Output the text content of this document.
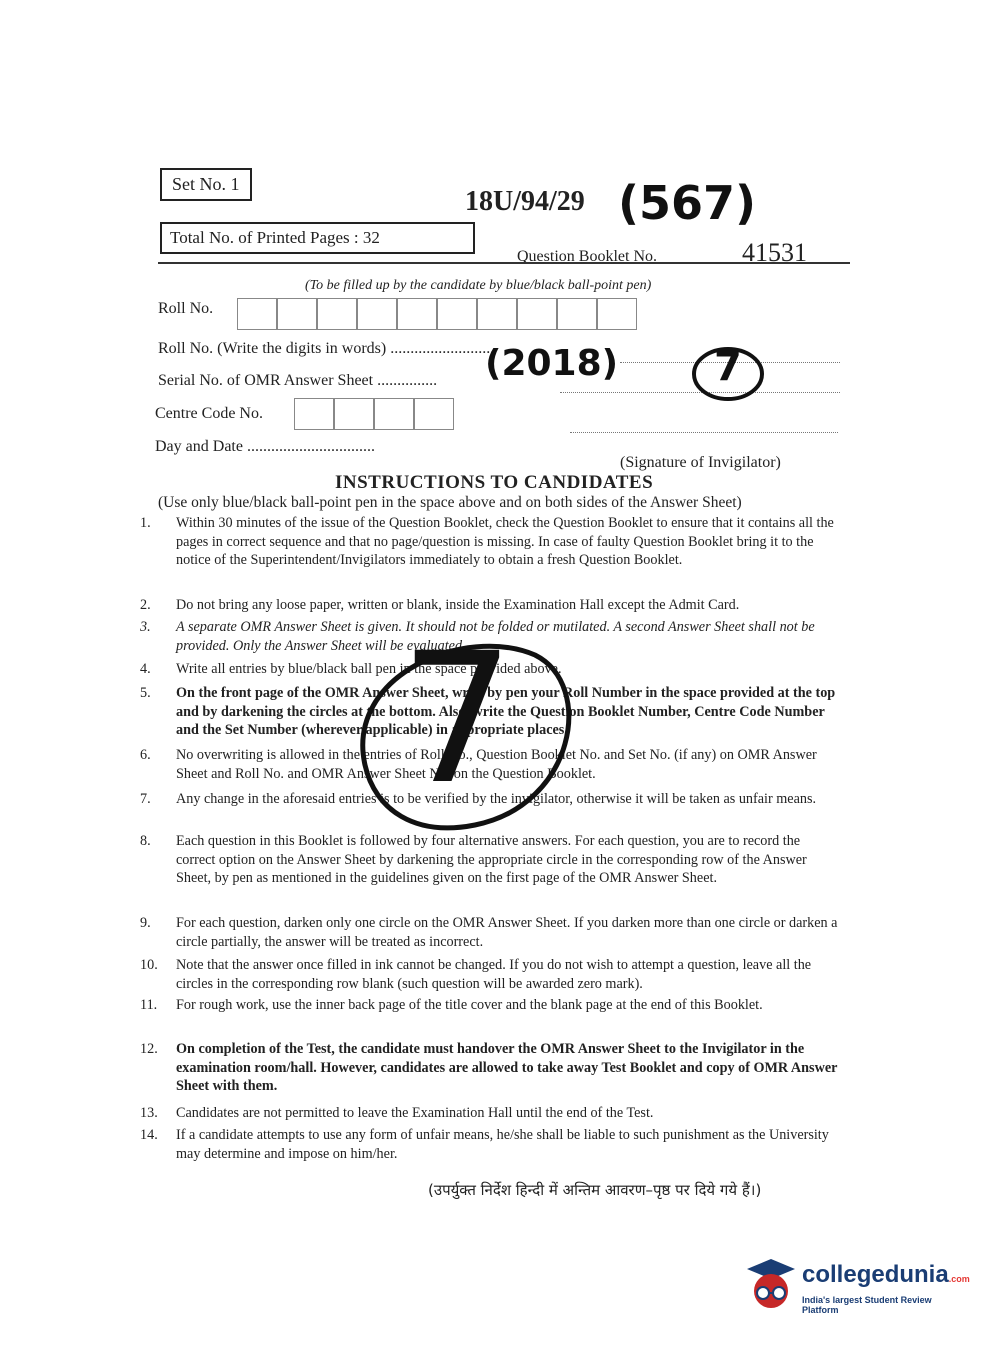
Set No. 1
Total No. of Printed Pages : 32
18U/94/29
Question Booklet No.	41531
(To be filled up by the candidate by blue/black ball-point pen)
Roll No.
Roll No. (Write the digits in words) ..........................
Serial No. of OMR Answer Sheet ...............
Centre Code No.
Day and Date ................................
(Signature of Invigilator)
(567)
(2018)	7
INSTRUCTIONS TO CANDIDATES
(Use only blue/black ball-point pen in the space above and on both sides of the Answer Sheet)
1.	Within 30 minutes of the issue of the Question Booklet, check the Question Booklet to ensure that it contains all the pages in correct sequence and that no page/question is missing. In case of faulty Question Booklet bring it to the notice of the Superintendent/Invigilators immediately to obtain a fresh Question Booklet.
2.	Do not bring any loose paper, written or blank, inside the Examination Hall except the Admit Card.
3.	A separate OMR Answer Sheet is given. It should not be folded or mutilated. A second Answer Sheet shall not be provided. Only the Answer Sheet will be evaluated.
4.	Write all entries by blue/black ball pen in the space provided above.
5.	On the front page of the OMR Answer Sheet, write by pen your Roll Number in the space provided at the top and by darkening the circles at the bottom. Also, write the Question Booklet Number, Centre Code Number and the Set Number (wherever applicable) in appropriate places.
6.	No overwriting is allowed in the entries of Roll No., Question Booklet No. and Set No. (if any) on OMR Answer Sheet and Roll No. and OMR Answer Sheet No. on the Question Booklet.
7.	Any change in the aforesaid entries is to be verified by the invigilator, otherwise it will be taken as unfair means.
8.	Each question in this Booklet is followed by four alternative answers. For each question, you are to record the correct option on the Answer Sheet by darkening the appropriate circle in the corresponding row of the Answer Sheet, by pen as mentioned in the guidelines given on the first page of the OMR Answer Sheet.
9.	For each question, darken only one circle on the OMR Answer Sheet. If you darken more than one circle or darken a circle partially, the answer will be treated as incorrect.
10.	Note that the answer once filled in ink cannot be changed. If you do not wish to attempt a question, leave all the circles in the corresponding row blank (such question will be awarded zero mark).
11.	For rough work, use the inner back page of the title cover and the blank page at the end of this Booklet.
12.	On completion of the Test, the candidate must handover the OMR Answer Sheet to the Invigilator in the examination room/hall. However, candidates are allowed to take away Test Booklet and copy of OMR Answer Sheet with them.
13.	Candidates are not permitted to leave the Examination Hall until the end of the Test.
14.	If a candidate attempts to use any form of unfair means, he/she shall be liable to such punishment as the University may determine and impose on him/her.
(उपर्युक्त निर्देश हिन्दी में अन्तिम आवरण–पृष्ठ पर दिये गये हैं।)
7
collegedunia.com
India's largest Student Review Platform
